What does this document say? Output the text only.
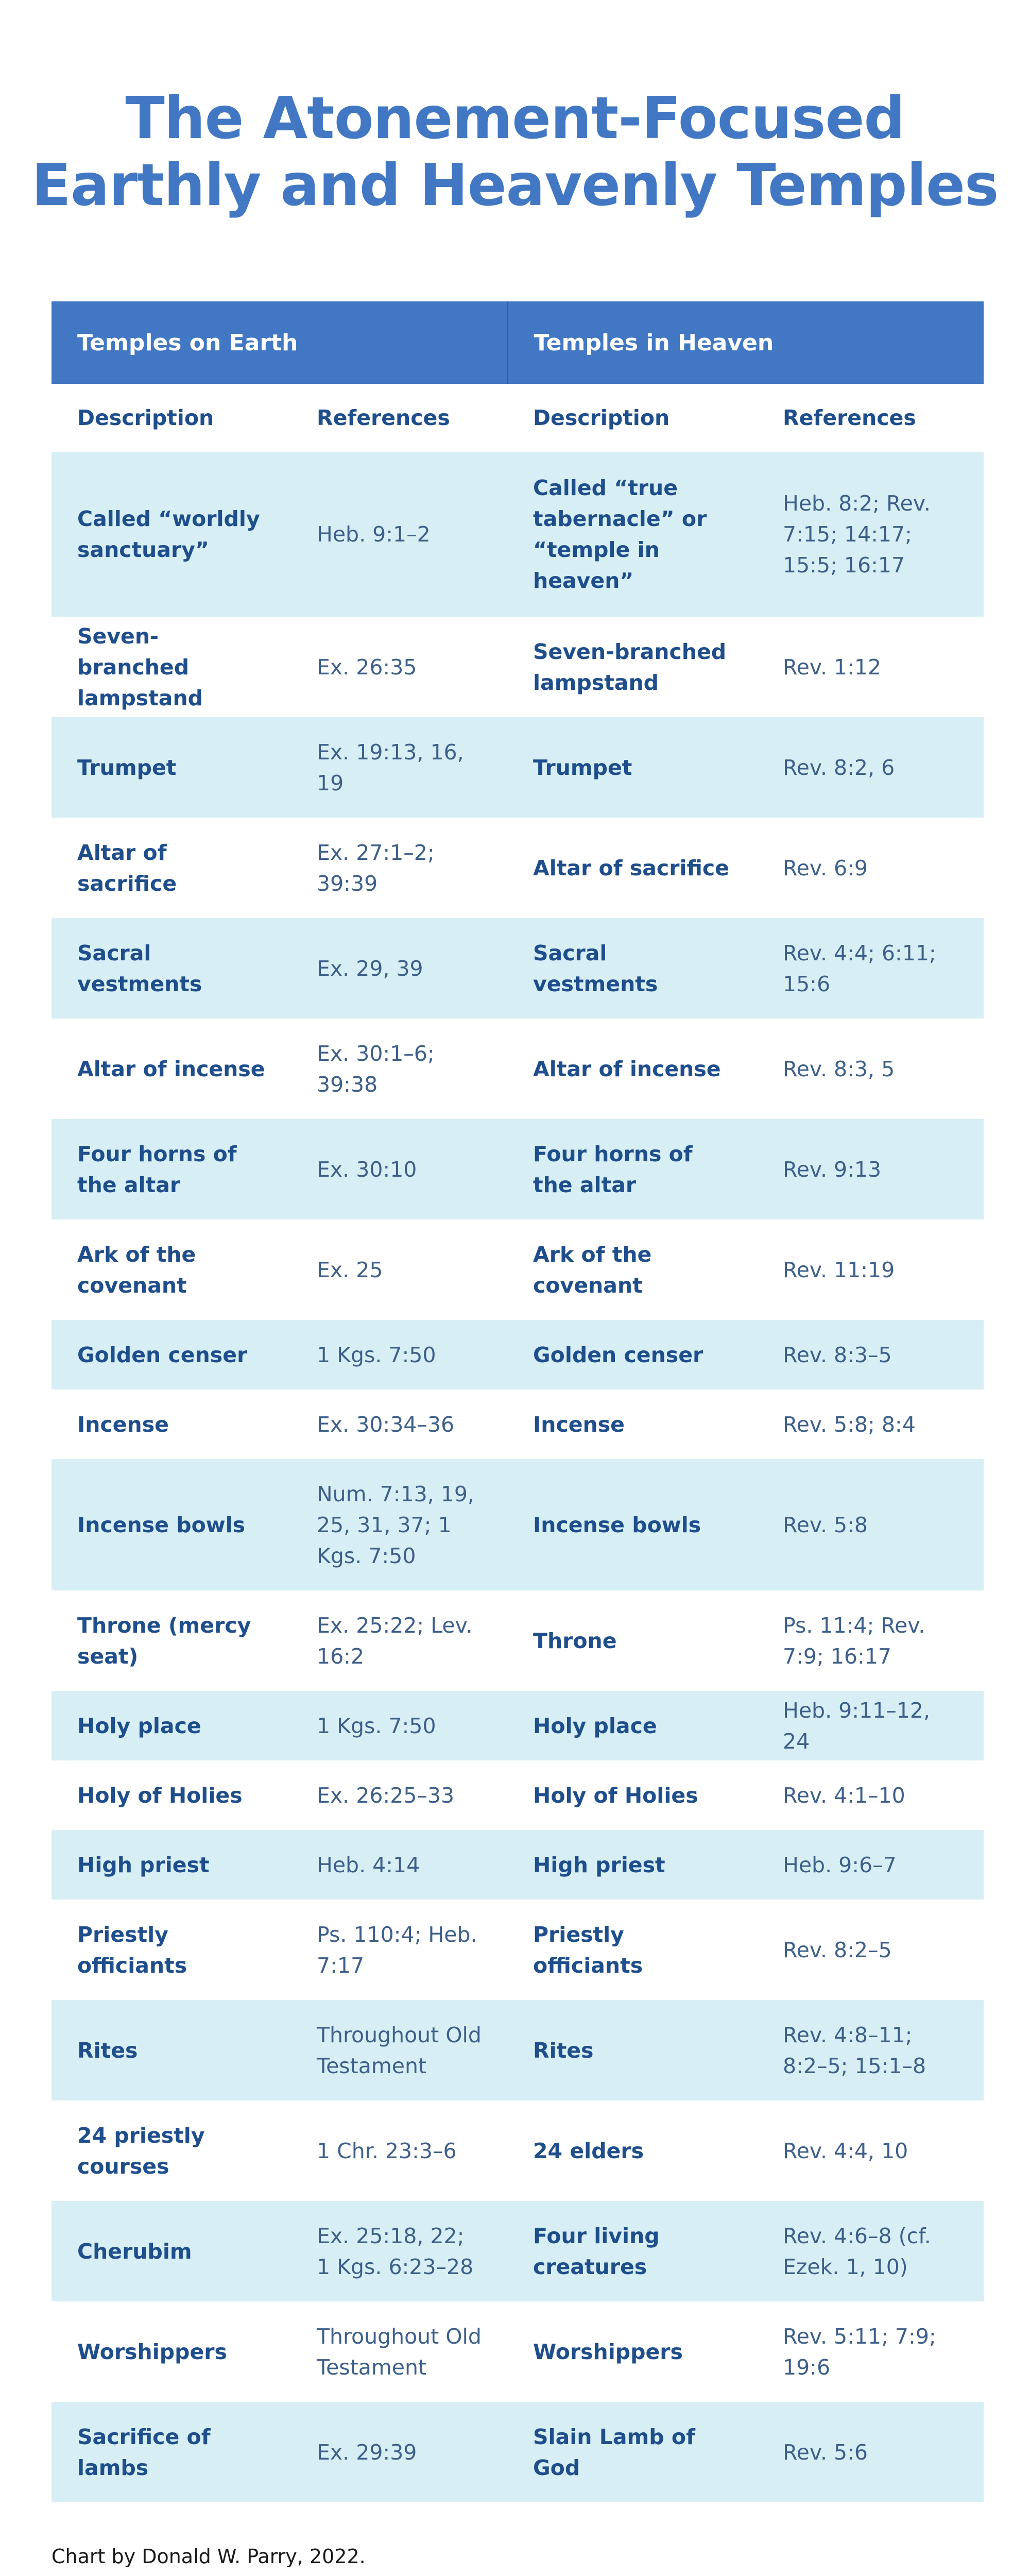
The Atonement-Focused
Earthly and Heavenly Temples
Temples on Earth		Temples in Heaven	
Description	References	Description	References
Called “worldly sanctuary”	Heb. 9:1–2	Called “true tabernacle” or “temple in heaven”	Heb. 8:2; Rev. 7:15; 14:17; 15:5; 16:17
Seven-branched lampstand	Ex. 26:35	Seven-branched lampstand	Rev. 1:12
Trumpet	Ex. 19:13, 16, 19	Trumpet	Rev. 8:2, 6
Altar of sacrifice	Ex. 27:1–2; 39:39	Altar of sacrifice	Rev. 6:9
Sacral vestments	Ex. 29, 39	Sacral vestments	Rev. 4:4; 6:11; 15:6
Altar of incense	Ex. 30:1–6; 39:38	Altar of incense	Rev. 8:3, 5
Four horns of the altar	Ex. 30:10	Four horns of the altar	Rev. 9:13
Ark of the covenant	Ex. 25	Ark of the covenant	Rev. 11:19
Golden censer	1 Kgs. 7:50	Golden censer	Rev. 8:3–5
Incense	Ex. 30:34–36	Incense	Rev. 5:8; 8:4
Incense bowls	Num. 7:13, 19, 25, 31, 37; 1 Kgs. 7:50	Incense bowls	Rev. 5:8
Throne (mercy seat)	Ex. 25:22; Lev. 16:2	Throne	Ps. 11:4; Rev. 7:9; 16:17
Holy place	1 Kgs. 7:50	Holy place	Heb. 9:11–12, 24
Holy of Holies	Ex. 26:25–33	Holy of Holies	Rev. 4:1–10
High priest	Heb. 4:14	High priest	Heb. 9:6–7
Priestly officiants	Ps. 110:4; Heb. 7:17	Priestly officiants	Rev. 8:2–5
Rites	Throughout Old Testament	Rites	Rev. 4:8–11; 8:2–5; 15:1–8
24 priestly courses	1 Chr. 23:3–6	24 elders	Rev. 4:4, 10
Cherubim	Ex. 25:18, 22; 1 Kgs. 6:23–28	Four living creatures	Rev. 4:6–8 (cf. Ezek. 1, 10)
Worshippers	Throughout Old Testament	Worshippers	Rev. 5:11; 7:9; 19:6
Sacrifice of lambs	Ex. 29:39	Slain Lamb of God	Rev. 5:6
Chart by Donald W. Parry, 2022.
